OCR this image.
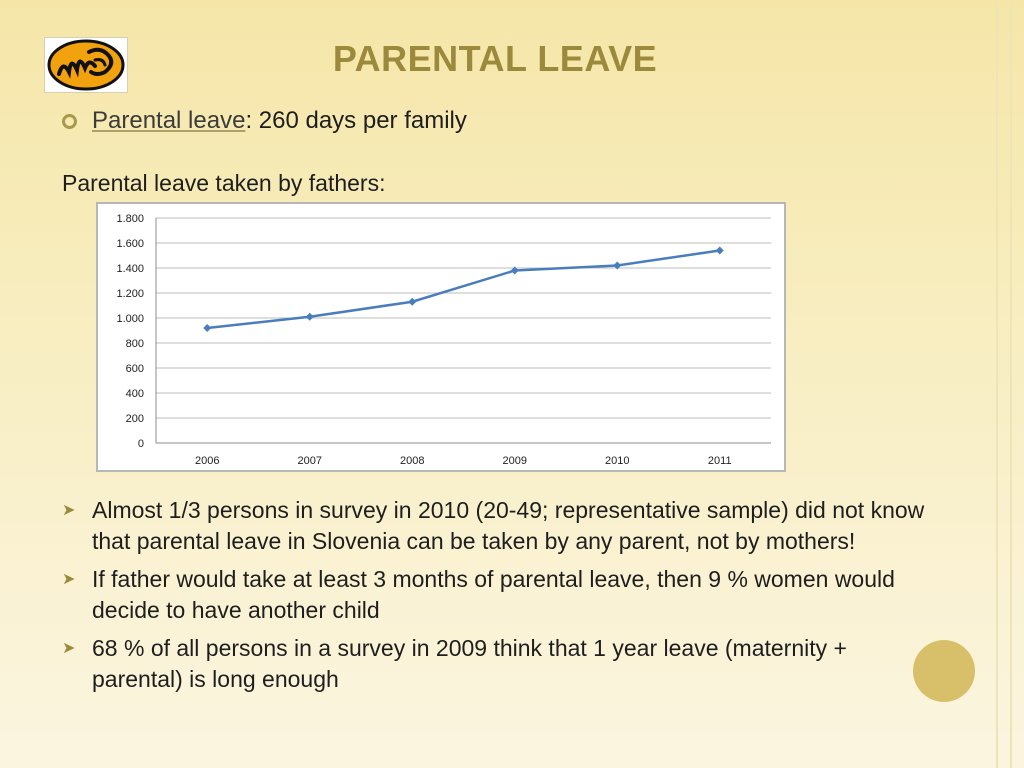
PARENTAL LEAVE
Parental leave: 260 days per family
Parental leave taken by fathers:
0
200
400
600
800
1.000
1.200
1.400
1.600
1.800
2006	2007	2008	2009	2010	2011
➤ Almost 1/3 persons in survey in 2010 (20-49; representative sample) did not know that parental leave in Slovenia can be taken by any parent, not by mothers!
➤ If father would take at least 3 months of parental leave, then 9 % women would decide to have another child
➤ 68 % of all persons in a survey in 2009 think that 1 year leave (maternity + parental) is long enough
